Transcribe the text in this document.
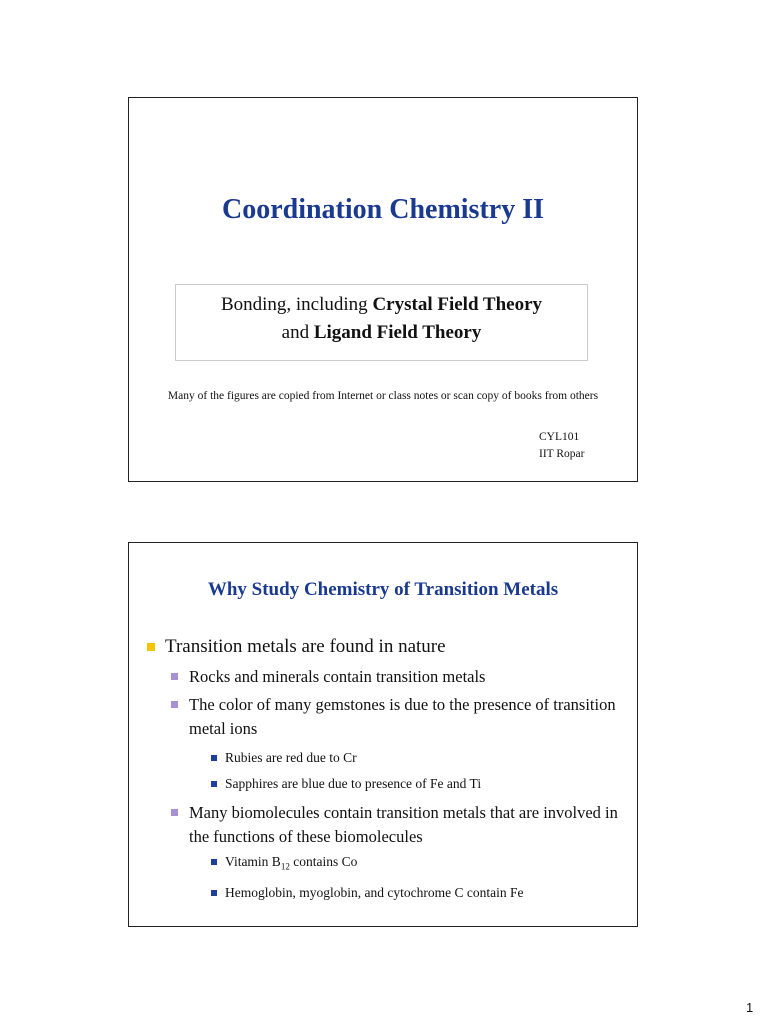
Coordination Chemistry II
Bonding, including Crystal Field Theory
and Ligand Field Theory
Many of the figures are copied from Internet or class notes or scan copy of books from others
CYL101
IIT Ropar
Why Study Chemistry of Transition Metals
Transition metals are found in nature
Rocks and minerals contain transition metals
The color of many gemstones is due to the presence of transition metal ions
Rubies are red due to Cr
Sapphires are blue due to presence of Fe and Ti
Many biomolecules contain transition metals that are involved in the functions of these biomolecules
Vitamin $B_{12}$ contains Co
Hemoglobin, myoglobin, and cytochrome C contain Fe
1
